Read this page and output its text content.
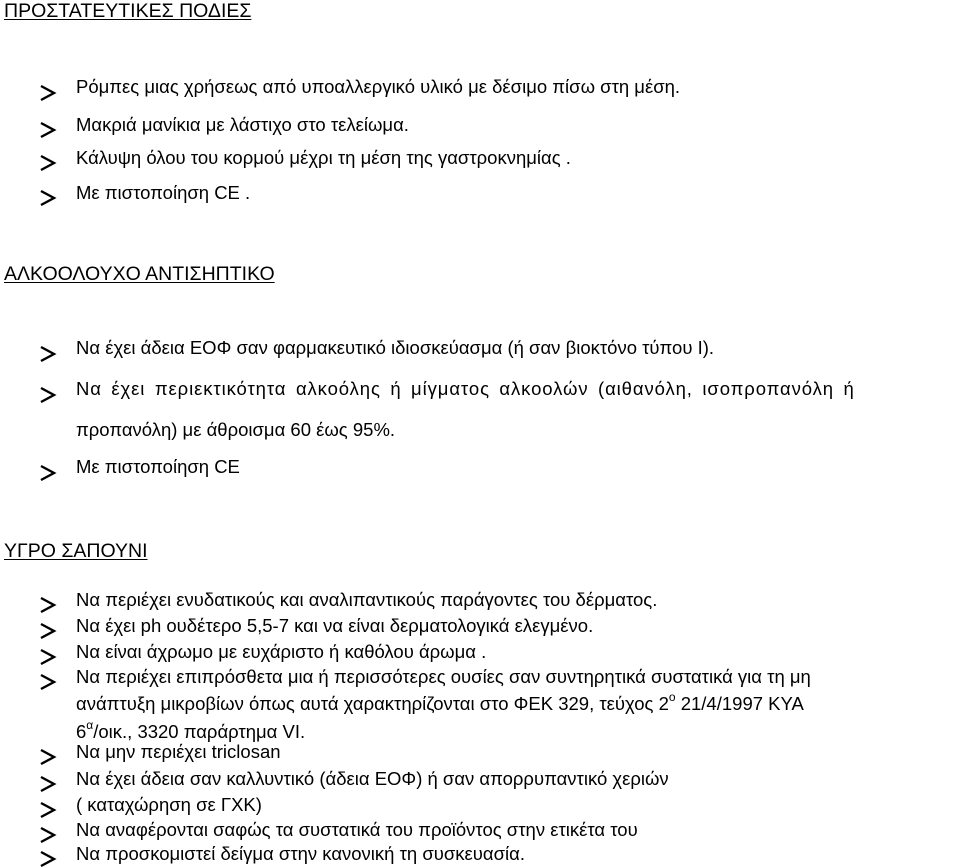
ΠΡΟΣΤΑΤΕΥΤΙΚΕΣ ΠΟΔΙΕΣ
Ρόμπες μιας χρήσεως από υποαλλεργικό υλικό με δέσιμο πίσω στη μέση.
Μακριά μανίκια με λάστιχο στο τελείωμα.
Κάλυψη όλου του κορμού μέχρι τη μέση της γαστροκνημίας .
Με πιστοποίηση CE .
ΑΛΚΟΟΛΟΥΧΟ ΑΝΤΙΣΗΠΤΙΚΟ
Να έχει άδεια ΕΟΦ σαν φαρμακευτικό ιδιοσκεύασμα (ή σαν βιοκτόνο τύπου Ι).
Να έχει περιεκτικότητα αλκοόλης ή μίγματος αλκοολών (αιθανόλη, ισοπροπανόλη ή
προπανόλη) με άθροισμα 60 έως 95%.
Με πιστοποίηση CE
ΥΓΡΟ ΣΑΠΟΥΝΙ
Να περιέχει ενυδατικούς και αναλιπαντικούς παράγοντες του δέρματος.
Να έχει ph ουδέτερο 5,5-7 και να είναι δερματολογικά ελεγμένο.
Να είναι άχρωμο με ευχάριστο ή καθόλου άρωμα .
Να περιέχει επιπρόσθετα μια ή περισσότερες ουσίες σαν συντηρητικά συστατικά για τη μη
ανάπτυξη μικροβίων όπως αυτά χαρακτηρίζονται στο ΦΕΚ 329, τεύχος $2^o$ 21/4/1997 ΚΥΑ
$6^\alpha$/οικ., 3320 παράρτημα VI.
Να μην περιέχει triclosan
Να έχει άδεια σαν καλλυντικό (άδεια ΕΟΦ) ή σαν απορρυπαντικό χεριών
( καταχώρηση σε ΓΧΚ)
Να αναφέρονται σαφώς τα συστατικά του προϊόντος στην ετικέτα του
Να προσκομιστεί δείγμα στην κανονική τη συσκευασία.
